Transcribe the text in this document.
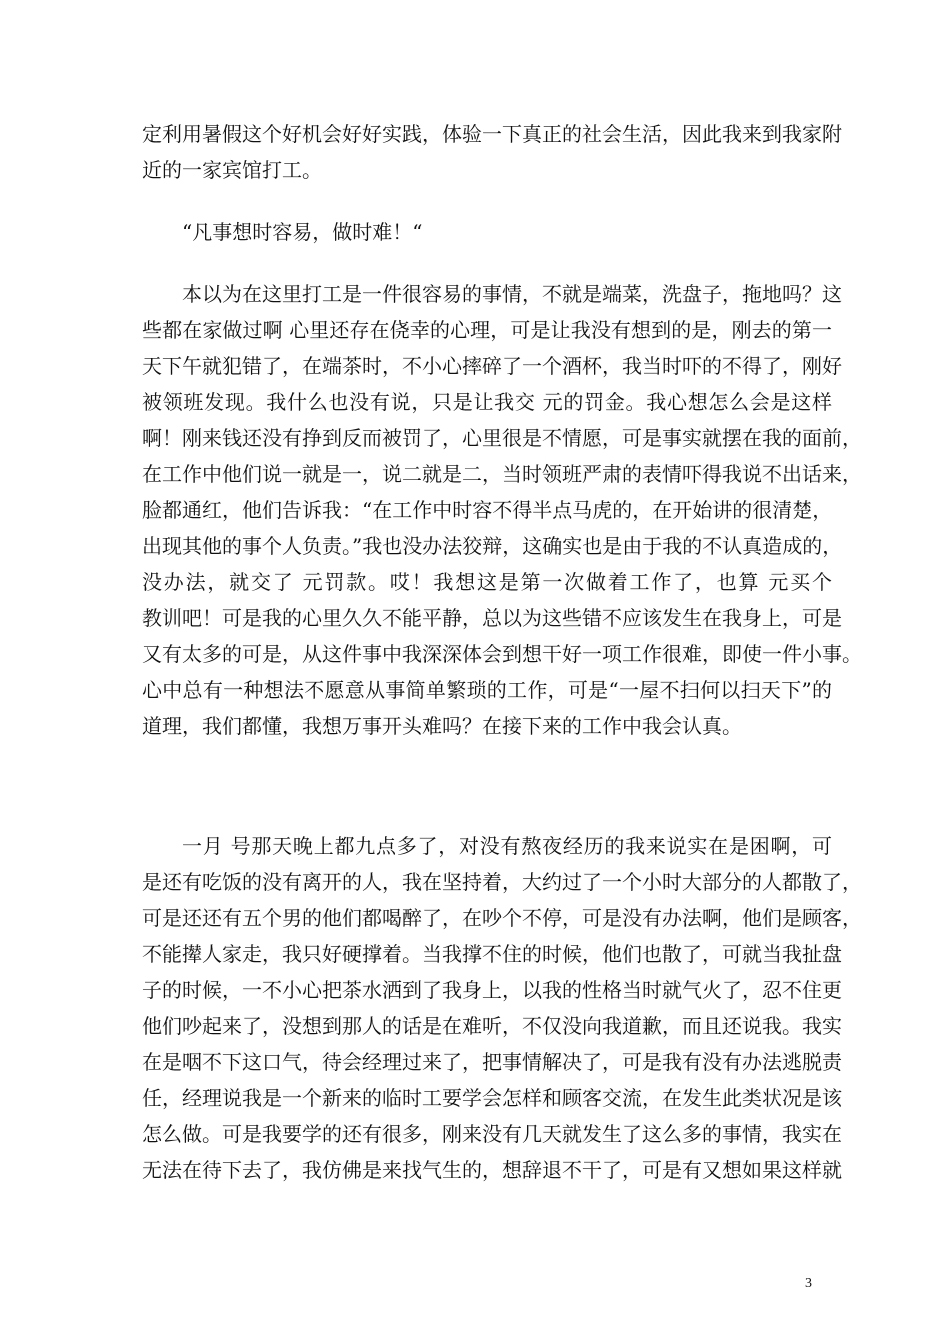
定利用暑假这个好机会好好实践，体验一下真正的社会生活，因此我来到我家附
近的一家宾馆打工。
“凡事想时容易，做时难！“
本以为在这里打工是一件很容易的事情，不就是端菜，洗盘子，拖地吗？这
些都在家做过啊 心里还存在侥幸的心理，可是让我没有想到的是，刚去的第一
天下午就犯错了，在端茶时，不小心摔碎了一个酒杯，我当时吓的不得了，刚好
被领班发现。我什么也没有说，只是让我交 元的罚金。我心想怎么会是这样
啊！刚来钱还没有挣到反而被罚了，心里很是不情愿，可是事实就摆在我的面前，
在工作中他们说一就是一，说二就是二，当时领班严肃的表情吓得我说不出话来，
脸都通红，他们告诉我：“在工作中时容不得半点马虎的，在开始讲的很清楚，
出现其他的事个人负责。”我也没办法狡辩，这确实也是由于我的不认真造成的，
没办法，就交了 元罚款。哎！我想这是第一次做着工作了，也算 元买个
教训吧！可是我的心里久久不能平静，总以为这些错不应该发生在我身上，可是
又有太多的可是，从这件事中我深深体会到想干好一项工作很难，即使一件小事。
心中总有一种想法不愿意从事简单繁琐的工作，可是“一屋不扫何以扫天下”的
道理，我们都懂，我想万事开头难吗？在接下来的工作中我会认真。
一月 号那天晚上都九点多了，对没有熬夜经历的我来说实在是困啊，可
是还有吃饭的没有离开的人，我在坚持着，大约过了一个小时大部分的人都散了，
可是还还有五个男的他们都喝醉了，在吵个不停，可是没有办法啊，他们是顾客，
不能撵人家走，我只好硬撑着。当我撑不住的时候，他们也散了，可就当我扯盘
子的时候，一不小心把茶水洒到了我身上，以我的性格当时就气火了，忍不住更
他们吵起来了，没想到那人的话是在难听，不仅没向我道歉，而且还说我。我实
在是咽不下这口气，待会经理过来了，把事情解决了，可是我有没有办法逃脱责
任，经理说我是一个新来的临时工要学会怎样和顾客交流，在发生此类状况是该
怎么做。可是我要学的还有很多，刚来没有几天就发生了这么多的事情，我实在
无法在待下去了，我仿佛是来找气生的，想辞退不干了，可是有又想如果这样就
3
